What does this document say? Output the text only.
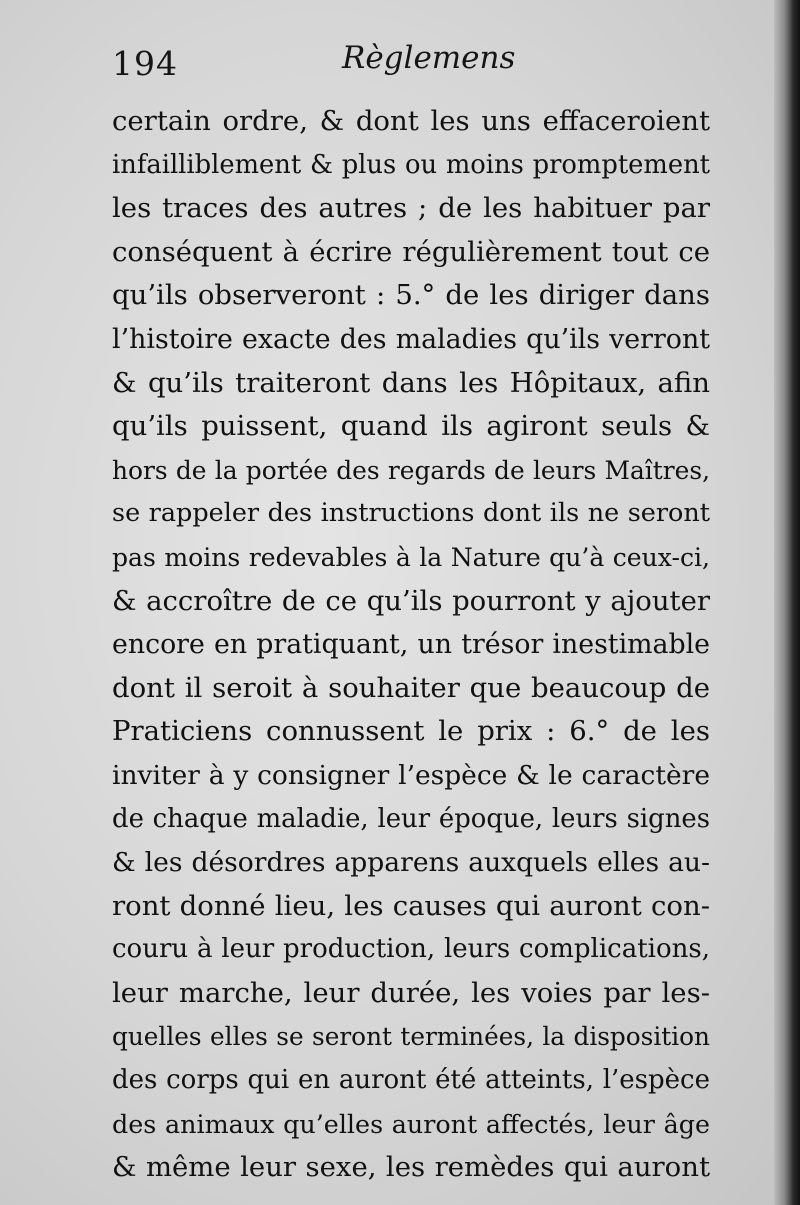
194	Règlemens
certain ordre, & dont les uns effaceroient
infailliblement & plus ou moins promptement
les traces des autres ; de les habituer par
conséquent à écrire régulièrement tout ce
qu’ils observeront : 5.° de les diriger dans
l’histoire exacte des maladies qu’ils verront
& qu’ils traiteront dans les Hôpitaux, afin
qu’ils puissent, quand ils agiront seuls &
hors de la portée des regards de leurs Maîtres,
se rappeler des instructions dont ils ne seront
pas moins redevables à la Nature qu’à ceux-ci,
& accroître de ce qu’ils pourront y ajouter
encore en pratiquant, un trésor inestimable
dont il seroit à souhaiter que beaucoup de
Praticiens connussent le prix : 6.° de les
inviter à y consigner l’espèce & le caractère
de chaque maladie, leur époque, leurs signes
& les désordres apparens auxquels elles au-
ront donné lieu, les causes qui auront con-
couru à leur production, leurs complications,
leur marche, leur durée, les voies par les-
quelles elles se seront terminées, la disposition
des corps qui en auront été atteints, l’espèce
des animaux qu’elles auront affectés, leur âge
& même leur sexe, les remèdes qui auront
